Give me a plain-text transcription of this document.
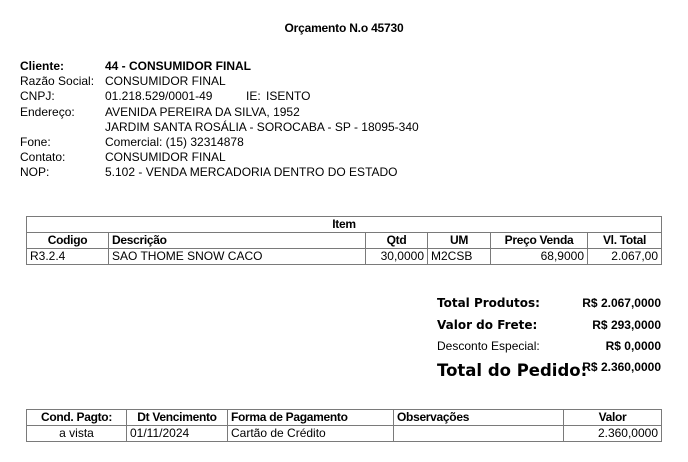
Orçamento N.o 45730
Cliente:	44 - CONSUMIDOR FINAL
Razão Social: CONSUMIDOR FINAL
CNPJ:	01.218.529/0001-49	IE: ISENTO
Endereço:	AVENIDA PEREIRA DA SILVA, 1952
JARDIM SANTA ROSÁLIA - SOROCABA - SP - 18095-340
Fone:	Comercial: (15) 32314878
Contato:	CONSUMIDOR FINAL
NOP:	5.102 - VENDA MERCADORIA DENTRO DO ESTADO
Item					
Codigo	Descrição	Qtd	UM	Preço Venda	Vl. Total
R3.2.4	SAO THOME SNOW CACO	30,0000	M2CSB	68,9000	2.067,00
Total Produtos:	R$ 2.067,0000
Valor do Frete:	R$ 293,0000
Desconto Especial:	R$ 0,0000
Total do Pedido:
R$ 2.360,0000
Cond. Pagto:	Dt Vencimento	Forma de Pagamento	Observações	Valor
a vista	01/11/2024	Cartão de Crédito		2.360,0000
